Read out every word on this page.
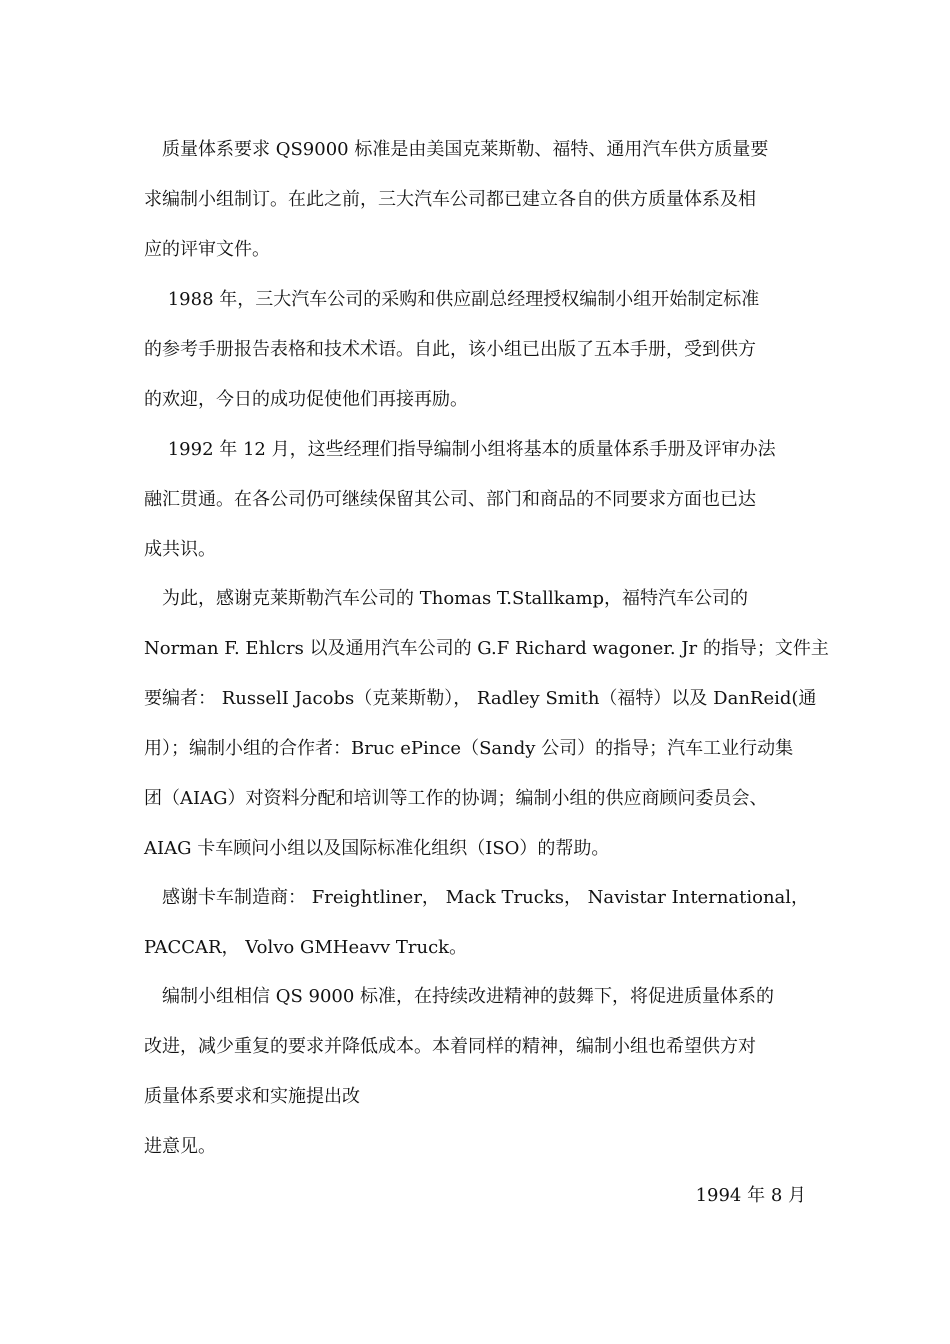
　质量体系要求 QS9000 标准是由美国克莱斯勒、福特、通用汽车供方质量要
求编制小组制订。在此之前，三大汽车公司都已建立各自的供方质量体系及相
应的评审文件。

　 1988 年，三大汽车公司的采购和供应副总经理授权编制小组开始制定标准
的参考手册报告表格和技术术语。自此，该小组已出版了五本手册，受到供方
的欢迎，今日的成功促使他们再接再励。

　 1992 年 12 月，这些经理们指导编制小组将基本的质量体系手册及评审办法
融汇贯通。在各公司仍可继续保留其公司、部门和商品的不同要求方面也已达
成共识。

　为此，感谢克莱斯勒汽车公司的 Thomas T.Stallkamp，福特汽车公司的
Norman F. Ehlcrs 以及通用汽车公司的 G.F Richard wagoner. Jr 的指导；文件主
要编者： RusselI Jacobs（克莱斯勒）， Radley Smith（福特）以及 DanReid(通
用）；编制小组的合作者：Bruc ePince（Sandy 公司）的指导；汽车工业行动集
团（AIAG）对资料分配和培训等工作的协调；编制小组的供应商顾问委员会、
AIAG 卡车顾问小组以及国际标准化组织（ISO）的帮助。

　感谢卡车制造商： Freightliner， Mack Trucks， Navistar International，
PACCAR， Volvo GMHeavv Truck。

　编制小组相信 QS 9000 标准，在持续改进精神的鼓舞下，将促进质量体系的
改进，减少重复的要求并降低成本。本着同样的精神，编制小组也希望供方对
质量体系要求和实施提出改
进意见。

1994 年 8 月
